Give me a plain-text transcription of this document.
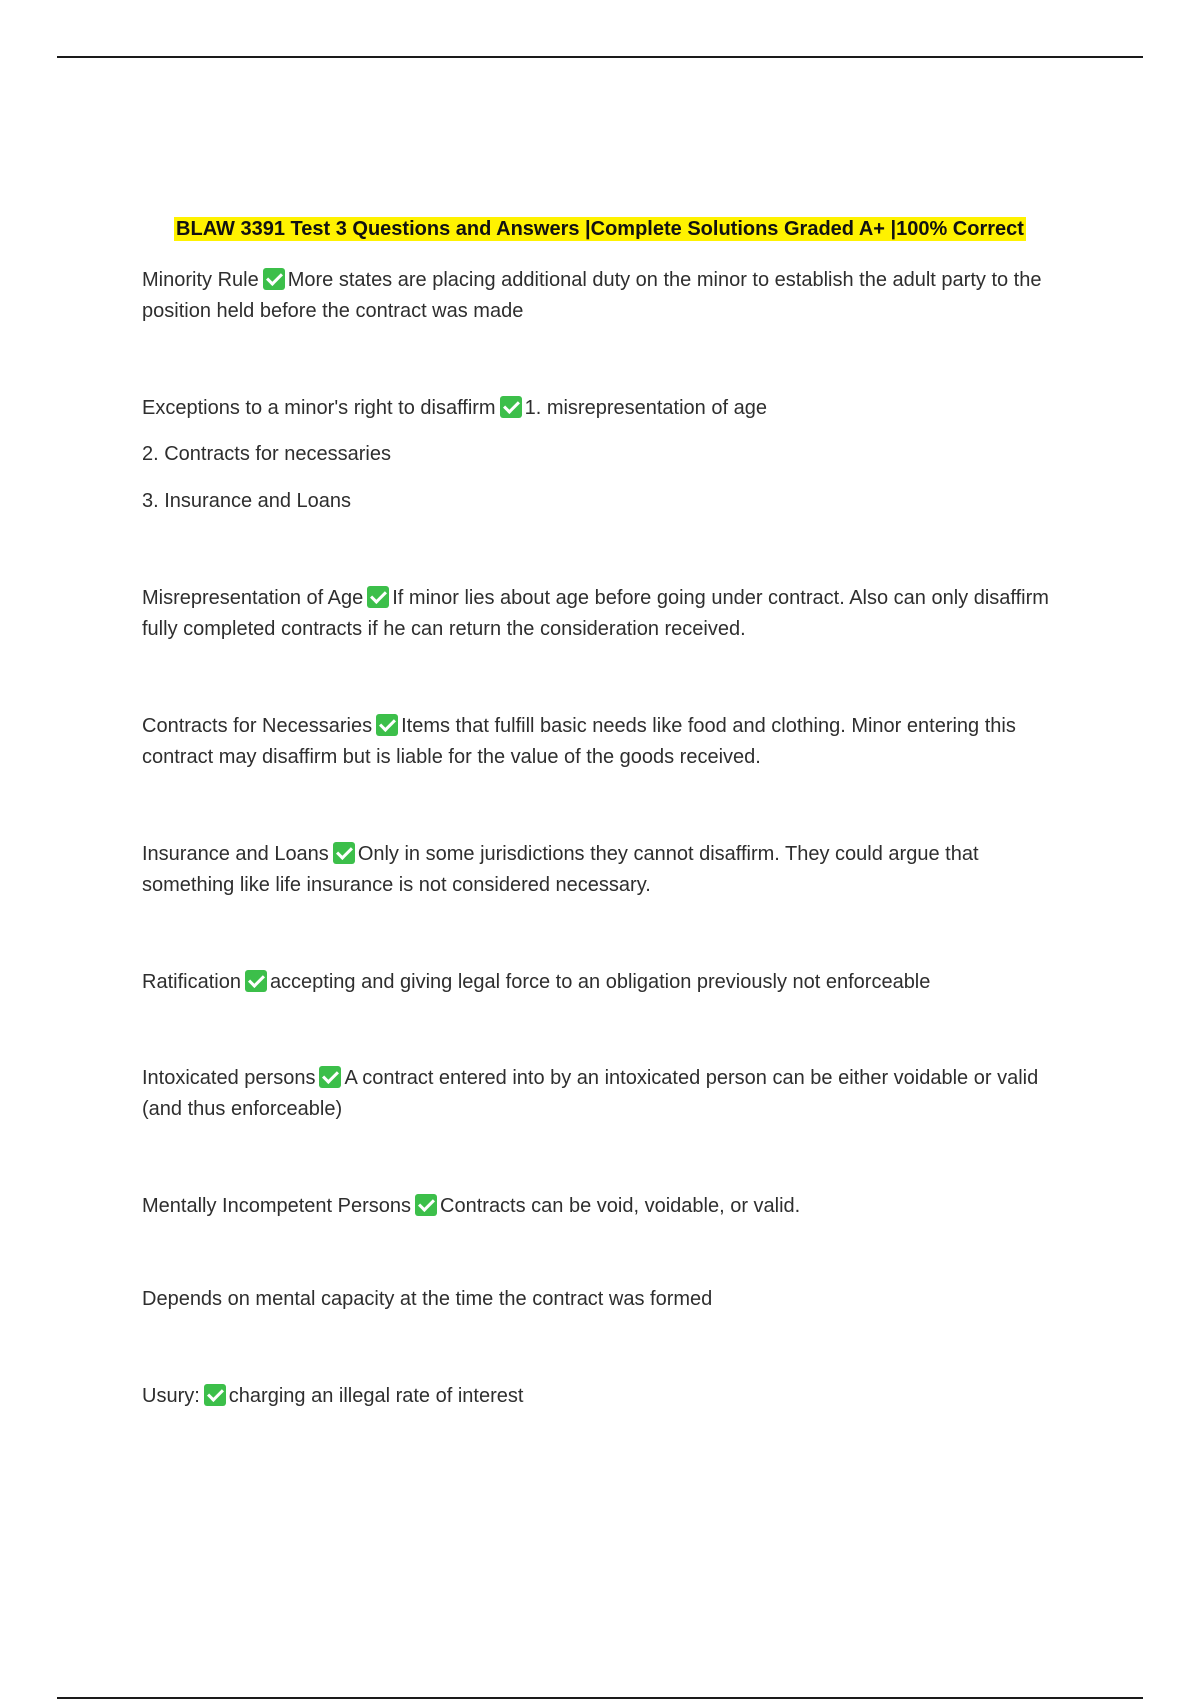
BLAW 3391 Test 3 Questions and Answers |Complete Solutions Graded A+ |100% Correct
Minority Rule More states are placing additional duty on the minor to establish the adult party to the position held before the contract was made
Exceptions to a minor's right to disaffirm 1. misrepresentation of age
2. Contracts for necessaries
3. Insurance and Loans
Misrepresentation of Age If minor lies about age before going under contract. Also can only disaffirm fully completed contracts if he can return the consideration received.
Contracts for Necessaries Items that fulfill basic needs like food and clothing. Minor entering this contract may disaffirm but is liable for the value of the goods received.
Insurance and Loans Only in some jurisdictions they cannot disaffirm. They could argue that something like life insurance is not considered necessary.
Ratification accepting and giving legal force to an obligation previously not enforceable
Intoxicated persons A contract entered into by an intoxicated person can be either voidable or valid (and thus enforceable)
Mentally Incompetent Persons Contracts can be void, voidable, or valid.
Depends on mental capacity at the time the contract was formed
Usury: charging an illegal rate of interest
